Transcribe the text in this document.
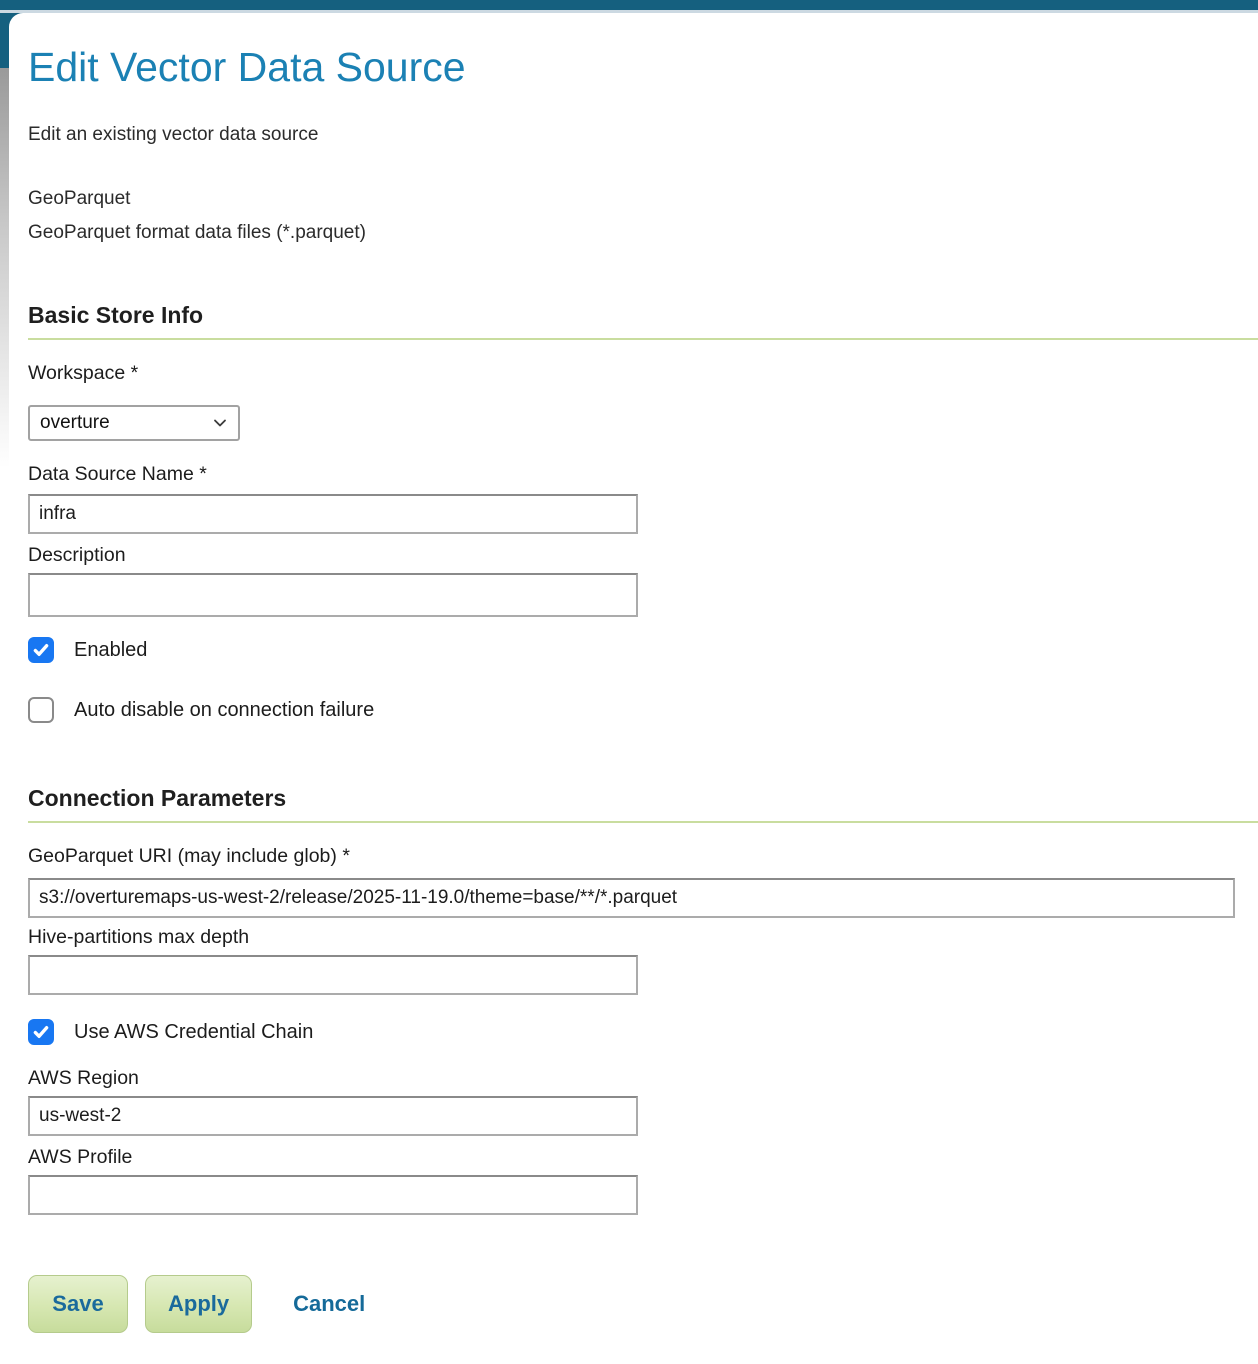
Edit Vector Data Source
Edit an existing vector data source
GeoParquet
GeoParquet format data files (*.parquet)
Basic Store Info
Workspace *
overture
Data Source Name *
infra
Description
Enabled
Auto disable on connection failure
Connection Parameters
GeoParquet URI (may include glob) *
s3://overturemaps-us-west-2/release/2025-11-19.0/theme=base/**/*.parquet
Hive-partitions max depth
Use AWS Credential Chain
AWS Region
us-west-2
AWS Profile
Save	Apply	Cancel
